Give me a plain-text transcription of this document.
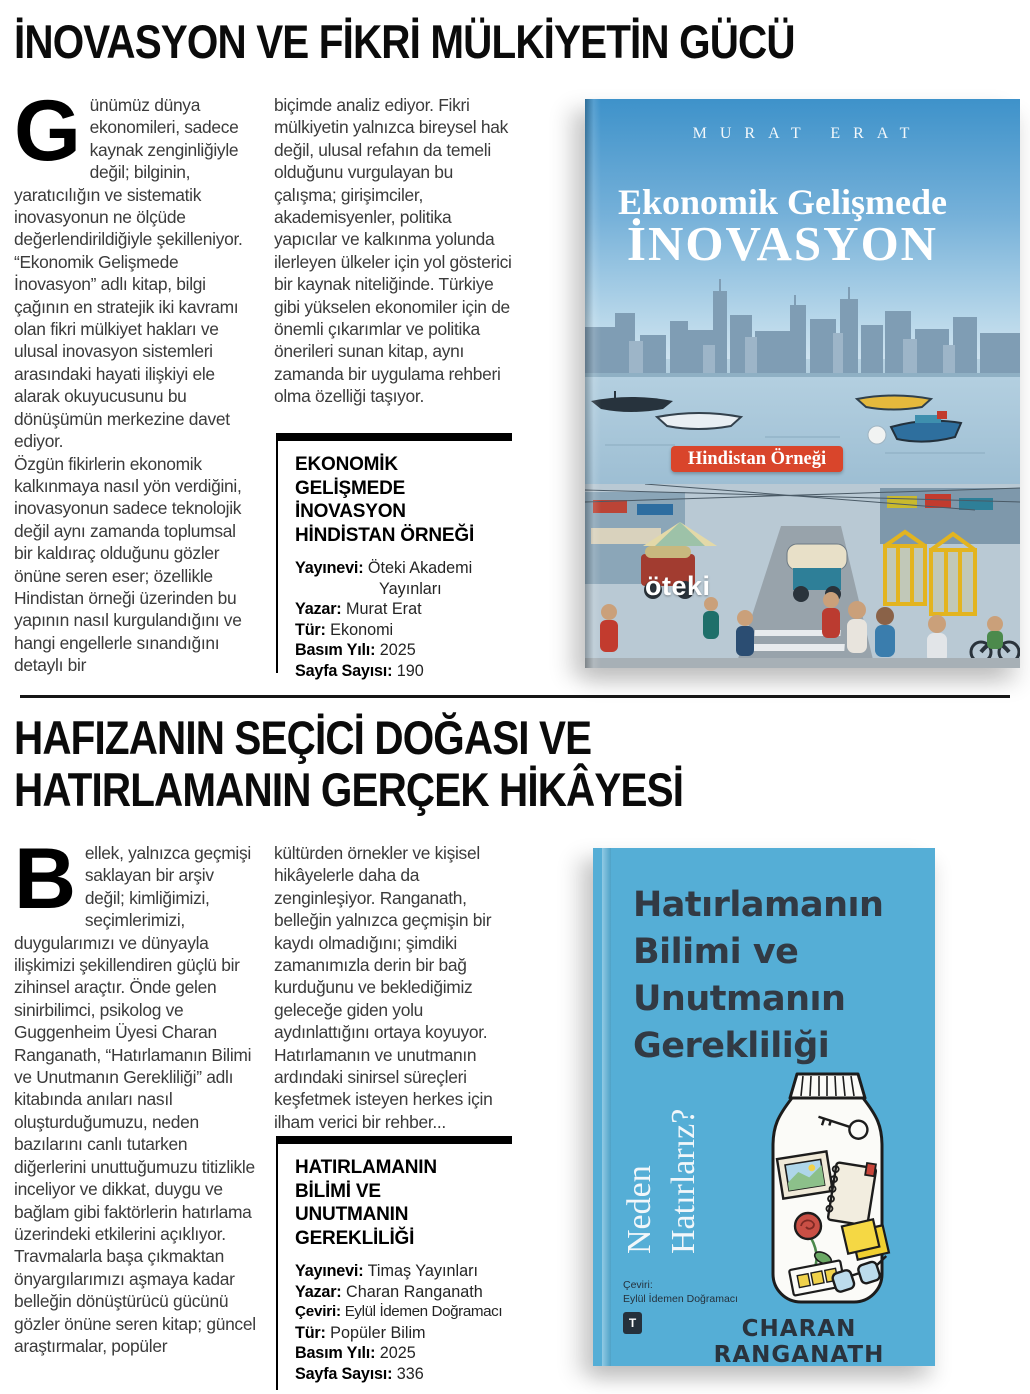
İNOVASYON VE FİKRİ MÜLKİYETİN GÜCÜ

Günümüz dünya ekonomileri, sadece kaynak zenginliğiyle değil; bilginin, yaratıcılığın ve sistematik inovasyonun ne ölçüde değerlendirildiğiyle şekilleniyor. “Ekonomik Gelişmede İnovasyon” adlı kitap, bilgi çağının en stratejik iki kavramı olan fikri mülkiyet hakları ve ulusal inovasyon sistemleri arasındaki hayati ilişkiyi ele alarak okuyucusunu bu dönüşümün merkezine davet ediyor.

Özgün fikirlerin ekonomik kalkınmaya nasıl yön verdiğini, inovasyonun sadece teknolojik değil aynı zamanda toplumsal bir kaldıraç olduğunu gözler önüne seren eser; özellikle Hindistan örneği üzerinden bu yapının nasıl kurgulandığını ve hangi engellerle sınandığını detaylı bir

biçimde analiz ediyor. Fikri mülkiyetin yalnızca bireysel hak değil, ulusal refahın da temeli olduğunu vurgulayan bu çalışma; girişimciler, akademisyenler, politika yapıcılar ve kalkınma yolunda ilerleyen ülkeler için yol gösterici bir kaynak niteliğinde. Türkiye gibi yükselen ekonomiler için de önemli çıkarımlar ve politika önerileri sunan kitap, aynı zamanda bir uygulama rehberi olma özelliği taşıyor.

EKONOMİK
GELİŞMEDE
İNOVASYON
HİNDİSTAN ÖRNEĞİ
Yayınevi: Öteki Akademi Yayınları
Yazar: Murat Erat
Tür: Ekonomi
Basım Yılı: 2025
Sayfa Sayısı: 190
MURAT ERAT
Ekonomik Gelişmede
İNOVASYON
Hindistan Örneği
öteki
HAFIZANIN SEÇİCİ DOĞASI VE
HATIRLAMANIN GERÇEK HİKÂYESİ

Bellek, yalnızca geçmişi saklayan bir arşiv değil; kimliğimizi, seçimlerimizi, duygularımızı ve dünyayla ilişkimizi şekillendiren güçlü bir zihinsel araçtır. Önde gelen sinirbilimci, psikolog ve Guggenheim Üyesi Charan Ranganath, “Hatırlamanın Bilimi ve Unutmanın Gerekliliği” adlı kitabında anıları nasıl oluşturduğumuzu, neden bazılarını canlı tutarken diğerlerini unuttuğumuzu titizlikle inceliyor ve dikkat, duygu ve bağlam gibi faktörlerin hatırlama üzerindeki etkilerini açıklıyor. Travmalarla başa çıkmaktan önyargılarımızı aşmaya kadar belleğin dönüştürücü gücünü gözler önüne seren kitap; güncel araştırmalar, popüler

kültürden örnekler ve kişisel hikâyelerle daha da zenginleşiyor. Ranganath, belleğin yalnızca geçmişin bir kaydı olmadığını; şimdiki zamanımızla derin bir bağ kurduğunu ve beklediğimiz geleceğe giden yolu aydınlattığını ortaya koyuyor. Hatırlamanın ve unutmanın ardındaki sinirsel süreçleri keşfetmek isteyen herkes için ilham verici bir rehber...

HATIRLAMANIN
BİLİMİ VE
UNUTMANIN
GEREKLİLİĞİ
Yayınevi: Timaş Yayınları
Yazar: Charan Ranganath
Çeviri: Eylül İdemen Doğramacı
Tür: Popüler Bilim
Basım Yılı: 2025
Sayfa Sayısı: 336
Hatırlamanın
Bilimi ve
Unutmanın
Gerekliliği
Neden Hatırlarız?
Çeviri:
Eylül İdemen Doğramacı
T	CHARAN RANGANATH
